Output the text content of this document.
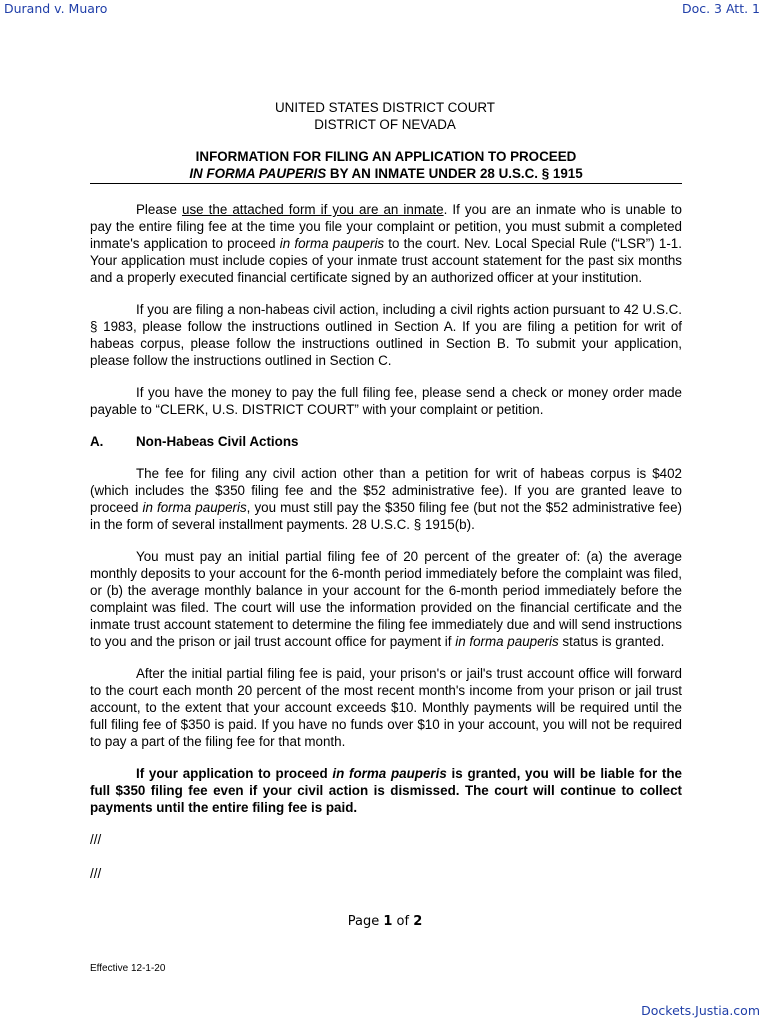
Durand v. Muaro	Doc. 3 Att. 1
UNITED STATES DISTRICT COURT
DISTRICT OF NEVADA
INFORMATION FOR FILING AN APPLICATION TO PROCEED
IN FORMA PAUPERIS BY AN INMATE UNDER 28 U.S.C. § 1915

Please use the attached form if you are an inmate. If you are an inmate who is unable to pay the entire filing fee at the time you file your complaint or petition, you must submit a completed inmate's application to proceed in forma pauperis to the court. Nev. Local Special Rule (“LSR”) 1-1. Your application must include copies of your inmate trust account statement for the past six months and a properly executed financial certificate signed by an authorized officer at your institution.

If you are filing a non-habeas civil action, including a civil rights action pursuant to 42 U.S.C. § 1983, please follow the instructions outlined in Section A. If you are filing a petition for writ of habeas corpus, please follow the instructions outlined in Section B. To submit your application, please follow the instructions outlined in Section C.

If you have the money to pay the full filing fee, please send a check or money order made payable to “CLERK, U.S. DISTRICT COURT” with your complaint or petition.

A.	Non-Habeas Civil Actions

The fee for filing any civil action other than a petition for writ of habeas corpus is $402 (which includes the $350 filing fee and the $52 administrative fee). If you are granted leave to proceed in forma pauperis, you must still pay the $350 filing fee (but not the $52 administrative fee) in the form of several installment payments. 28 U.S.C. § 1915(b).

You must pay an initial partial filing fee of 20 percent of the greater of: (a) the average monthly deposits to your account for the 6-month period immediately before the complaint was filed, or (b) the average monthly balance in your account for the 6-month period immediately before the complaint was filed. The court will use the information provided on the financial certificate and the inmate trust account statement to determine the filing fee immediately due and will send instructions to you and the prison or jail trust account office for payment if in forma pauperis status is granted.

After the initial partial filing fee is paid, your prison's or jail's trust account office will forward to the court each month 20 percent of the most recent month's income from your prison or jail trust account, to the extent that your account exceeds $10. Monthly payments will be required until the full filing fee of $350 is paid. If you have no funds over $10 in your account, you will not be required to pay a part of the filing fee for that month.

If your application to proceed in forma pauperis is granted, you will be liable for the full $350 filing fee even if your civil action is dismissed. The court will continue to collect payments until the entire filing fee is paid.

///
///
Page 1 of 2
Effective 12-1-20
Dockets.Justia.com
